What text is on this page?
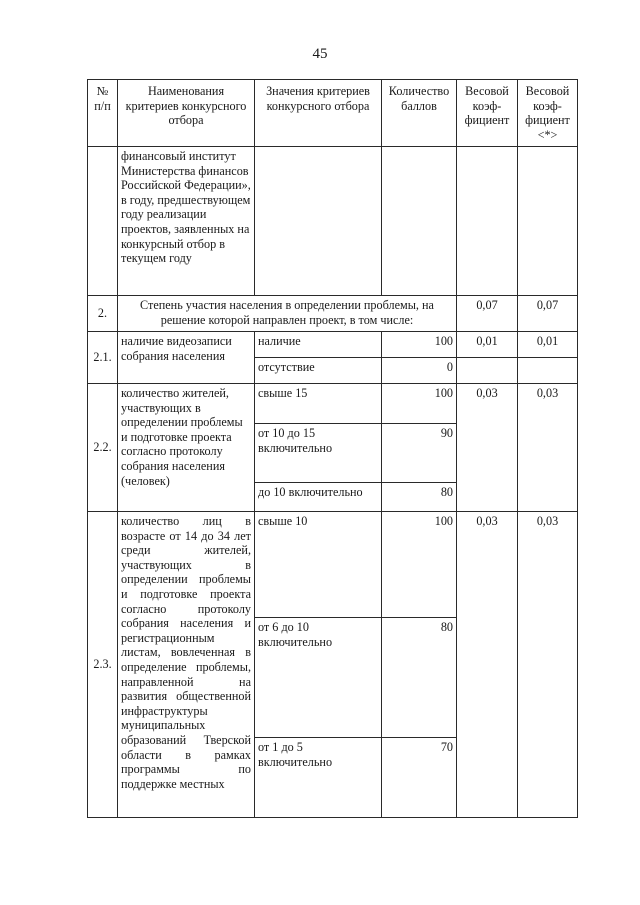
45
№ п/п	Наименования критериев конкурсного отбора	Значения критериев конкурсного отбора	Количество баллов	Весовой коэф- фициент	Весовой коэф- фициент <*>
	финансовый институт Министерства финансов Российской Федерации», в году, предшествующем году реализации проектов, заявленных на конкурсный отбор в текущем году				
2.	Степень участия населения в определении проблемы, на решение которой направлен проект, в том числе:			0,07	0,07
2.1.	наличие видеозаписи собрания населения	наличие	100	0,01	0,01
		отсутствие	0		
2.2.	количество жителей, участвующих в определении проблемы и подготовке проекта согласно протоколу собрания населения (человек)	свыше 15	100	0,03	0,03
		от 10 до 15 включительно	90		
		до 10 включительно	80		
2.3.	количество лиц в возрасте от 14 до 34 лет среди жителей, участвующих в определении проблемы и подготовке проекта согласно протоколу собрания населения и регистрационным листам, вовлеченная в определение проблемы, направленной на развития общественной инфраструктуры муниципальных образований Тверской области в рамках программы по поддержке местных	свыше 10	100	0,03	0,03
		от 6 до 10 включительно	80		
		от 1 до 5 включительно	70		
